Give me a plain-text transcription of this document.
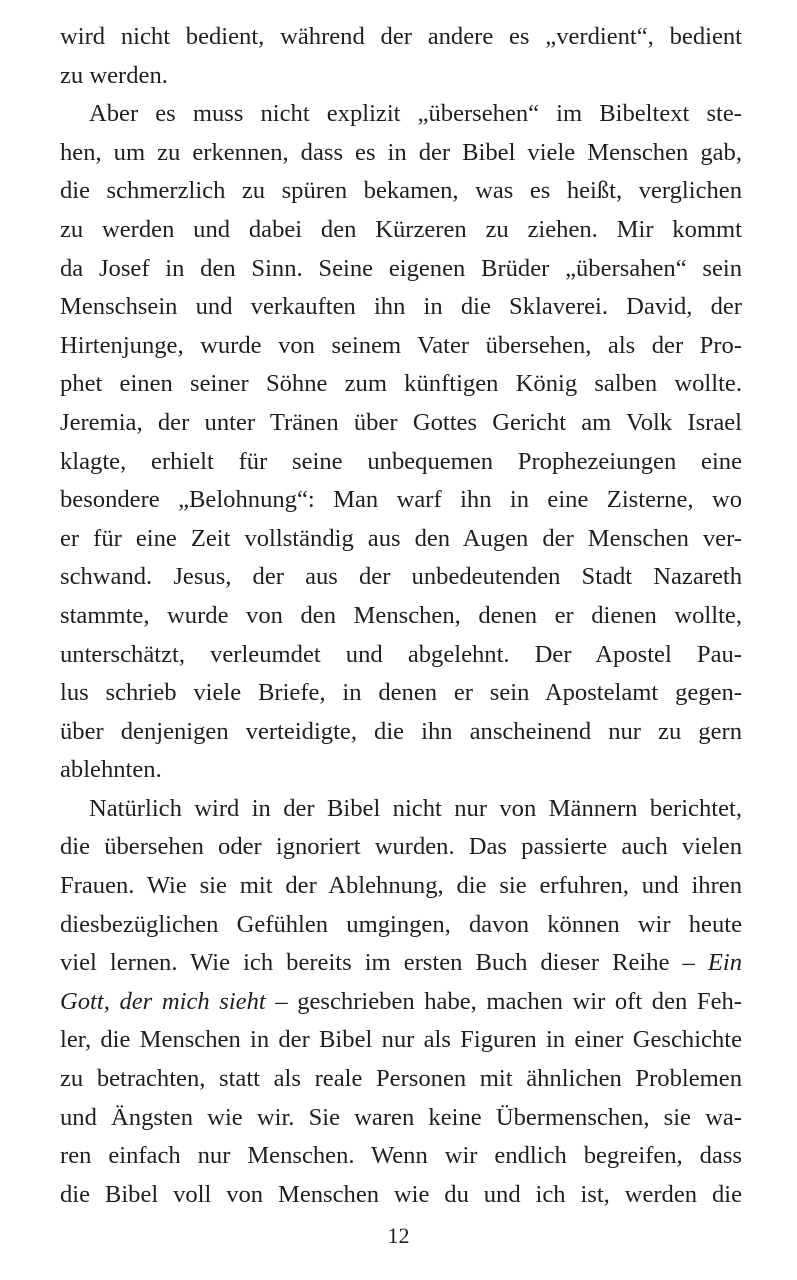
wird nicht bedient, während der andere es „verdient“, bedient
zu werden.

Aber es muss nicht explizit „übersehen“ im Bibeltext ste-
hen, um zu erkennen, dass es in der Bibel viele Menschen gab,
die schmerzlich zu spüren bekamen, was es heißt, verglichen
zu werden und dabei den Kürzeren zu ziehen. Mir kommt
da Josef in den Sinn. Seine eigenen Brüder „übersahen“ sein
Menschsein und verkauften ihn in die Sklaverei. David, der
Hirtenjunge, wurde von seinem Vater übersehen, als der Pro-
phet einen seiner Söhne zum künftigen König salben wollte.
Jeremia, der unter Tränen über Gottes Gericht am Volk Israel
klagte, erhielt für seine unbequemen Prophezeiungen eine
besondere „Belohnung“: Man warf ihn in eine Zisterne, wo
er für eine Zeit vollständig aus den Augen der Menschen ver-
schwand. Jesus, der aus der unbedeutenden Stadt Nazareth
stammte, wurde von den Menschen, denen er dienen wollte,
unterschätzt, verleumdet und abgelehnt. Der Apostel Pau-
lus schrieb viele Briefe, in denen er sein Apostelamt gegen-
über denjenigen verteidigte, die ihn anscheinend nur zu gern
ablehnten.

Natürlich wird in der Bibel nicht nur von Männern berichtet,
die übersehen oder ignoriert wurden. Das passierte auch vielen
Frauen. Wie sie mit der Ablehnung, die sie erfuhren, und ihren
diesbezüglichen Gefühlen umgingen, davon können wir heute
viel lernen. Wie ich bereits im ersten Buch dieser Reihe – Ein
Gott, der mich sieht – geschrieben habe, machen wir oft den Feh-
ler, die Menschen in der Bibel nur als Figuren in einer Geschichte
zu betrachten, statt als reale Personen mit ähnlichen Problemen
und Ängsten wie wir. Sie waren keine Übermenschen, sie wa-
ren einfach nur Menschen. Wenn wir endlich begreifen, dass
die Bibel voll von Menschen wie du und ich ist, werden die

12
